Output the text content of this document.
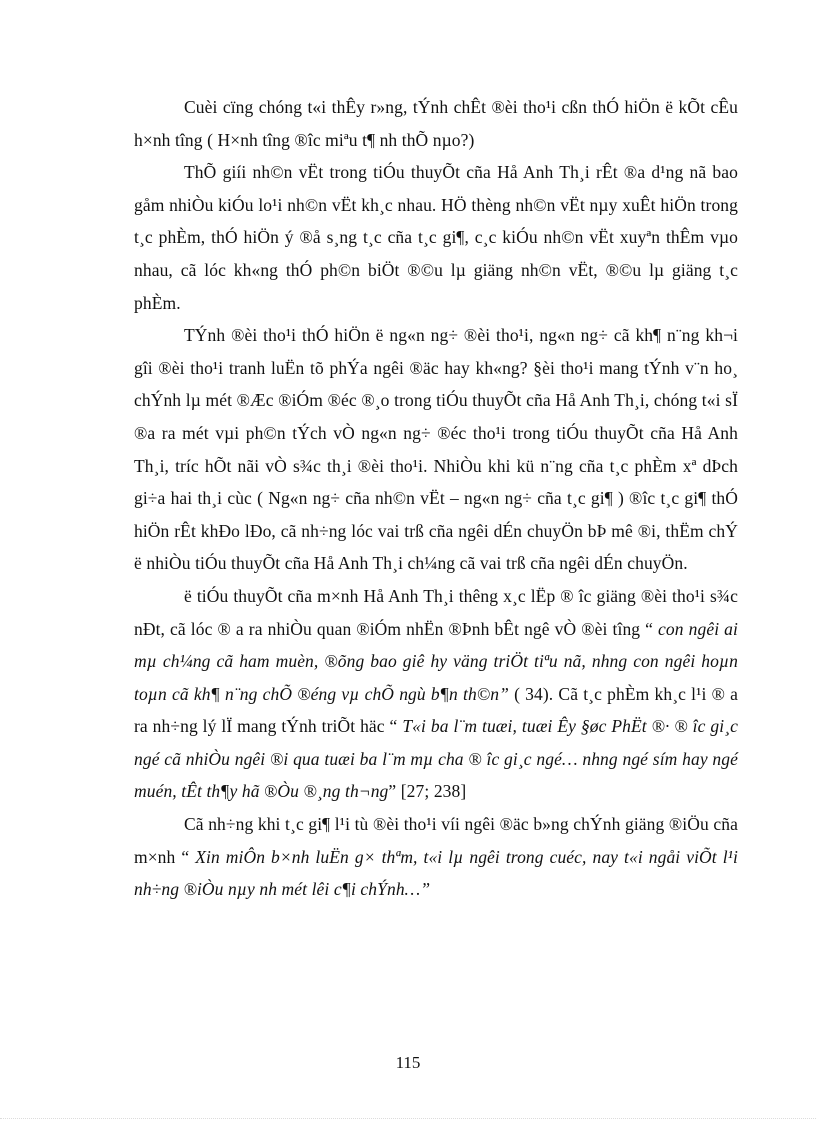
Cuèi cïng chóng t«i thÊy r»ng, tÝnh chÊt ®èi tho¹i cßn thÓ hiÖn ë kÕt cÊu h×nh tîng ( H×nh tîng ®îc miªu t¶ nh thÕ nµo?)

ThÕ giíi nh©n vËt trong tiÓu thuyÕt cña Hå Anh Th¸i rÊt ®a d¹ng nã bao gåm nhiÒu kiÓu lo¹i nh©n vËt kh¸c nhau. HÖ thèng nh©n vËt nµy xuÊt hiÖn trong t¸c phÈm, thÓ hiÖn ý ®å s¸ng t¸c cña t¸c gi¶, c¸c kiÓu nh©n vËt xuyªn thÊm vµo nhau, cã lóc kh«ng thÓ ph©n biÖt ®©u lµ giäng nh©n vËt, ®©u lµ giäng t¸c phÈm.

TÝnh ®èi tho¹i thÓ hiÖn ë ng«n ng÷ ®èi tho¹i, ng«n ng÷ cã kh¶ n¨ng kh¬i gîi ®èi tho¹i tranh luËn tõ phÝa ngêi ®äc hay kh«ng? §èi tho¹i mang tÝnh v¨n ho¸ chÝnh lµ mét ®Æc ®iÓm ®éc ®¸o trong tiÓu thuyÕt cña Hå Anh Th¸i, chóng t«i sÏ ®a ra mét vµi ph©n tÝch vÒ ng«n ng÷ ®éc tho¹i trong tiÓu thuyÕt cña Hå Anh Th¸i, tríc hÕt nãi vÒ s¾c th¸i ®èi tho¹i. NhiÒu khi kü n¨ng cña t¸c phÈm xª dÞch gi÷a hai th¸i cùc ( Ng«n ng÷ cña nh©n vËt – ng«n ng÷ cña t¸c gi¶ ) ®îc t¸c gi¶ thÓ hiÖn rÊt khÐo lÐo, cã nh÷ng lóc vai trß cña ngêi dÉn chuyÖn bÞ mê ®i, thËm chÝ ë nhiÒu tiÓu thuyÕt cña Hå Anh Th¸i ch¼ng cã vai trß cña ngêi dÉn chuyÖn.

ë tiÓu thuyÕt cña m×nh Hå Anh Th¸i thêng x¸c lËp ® îc giäng ®èi tho¹i s¾c nÐt, cã lóc ® a ra nhiÒu quan ®iÓm nhËn ®Þnh bÊt ngê vÒ ®èi tîng “ con ngêi ai mµ ch¼ng cã ham muèn, ®õng bao giê hy väng triÖt tiªu nã, nhng con ngêi hoµn toµn cã kh¶ n¨ng chÕ ®éng vµ chÕ ngù b¶n th©n” ( 34). Cã t¸c phÈm kh¸c l¹i ® a ra nh÷ng lý lÏ mang tÝnh triÕt häc “ T«i ba l¨m tuæi, tuæi Êy §øc PhËt ®· ® îc gi¸c ngé cã nhiÒu ngêi ®i qua tuæi ba l¨m mµ cha ® îc gi¸c ngé… nhng ngé sím hay ngé muén, tÊt th¶y hã ®Òu ®¸ng th¬ng” [27; 238]

Cã nh÷ng khi t¸c gi¶ l¹i tù ®èi tho¹i víi ngêi ®äc b»ng chÝnh giäng ®iÖu cña m×nh “ Xin miÔn b×nh luËn g× thªm, t«i lµ ngêi trong cuéc, nay t«i ngåi viÕt l¹i nh÷ng ®iÒu nµy nh mét lêi c¶i chÝnh…”

115
